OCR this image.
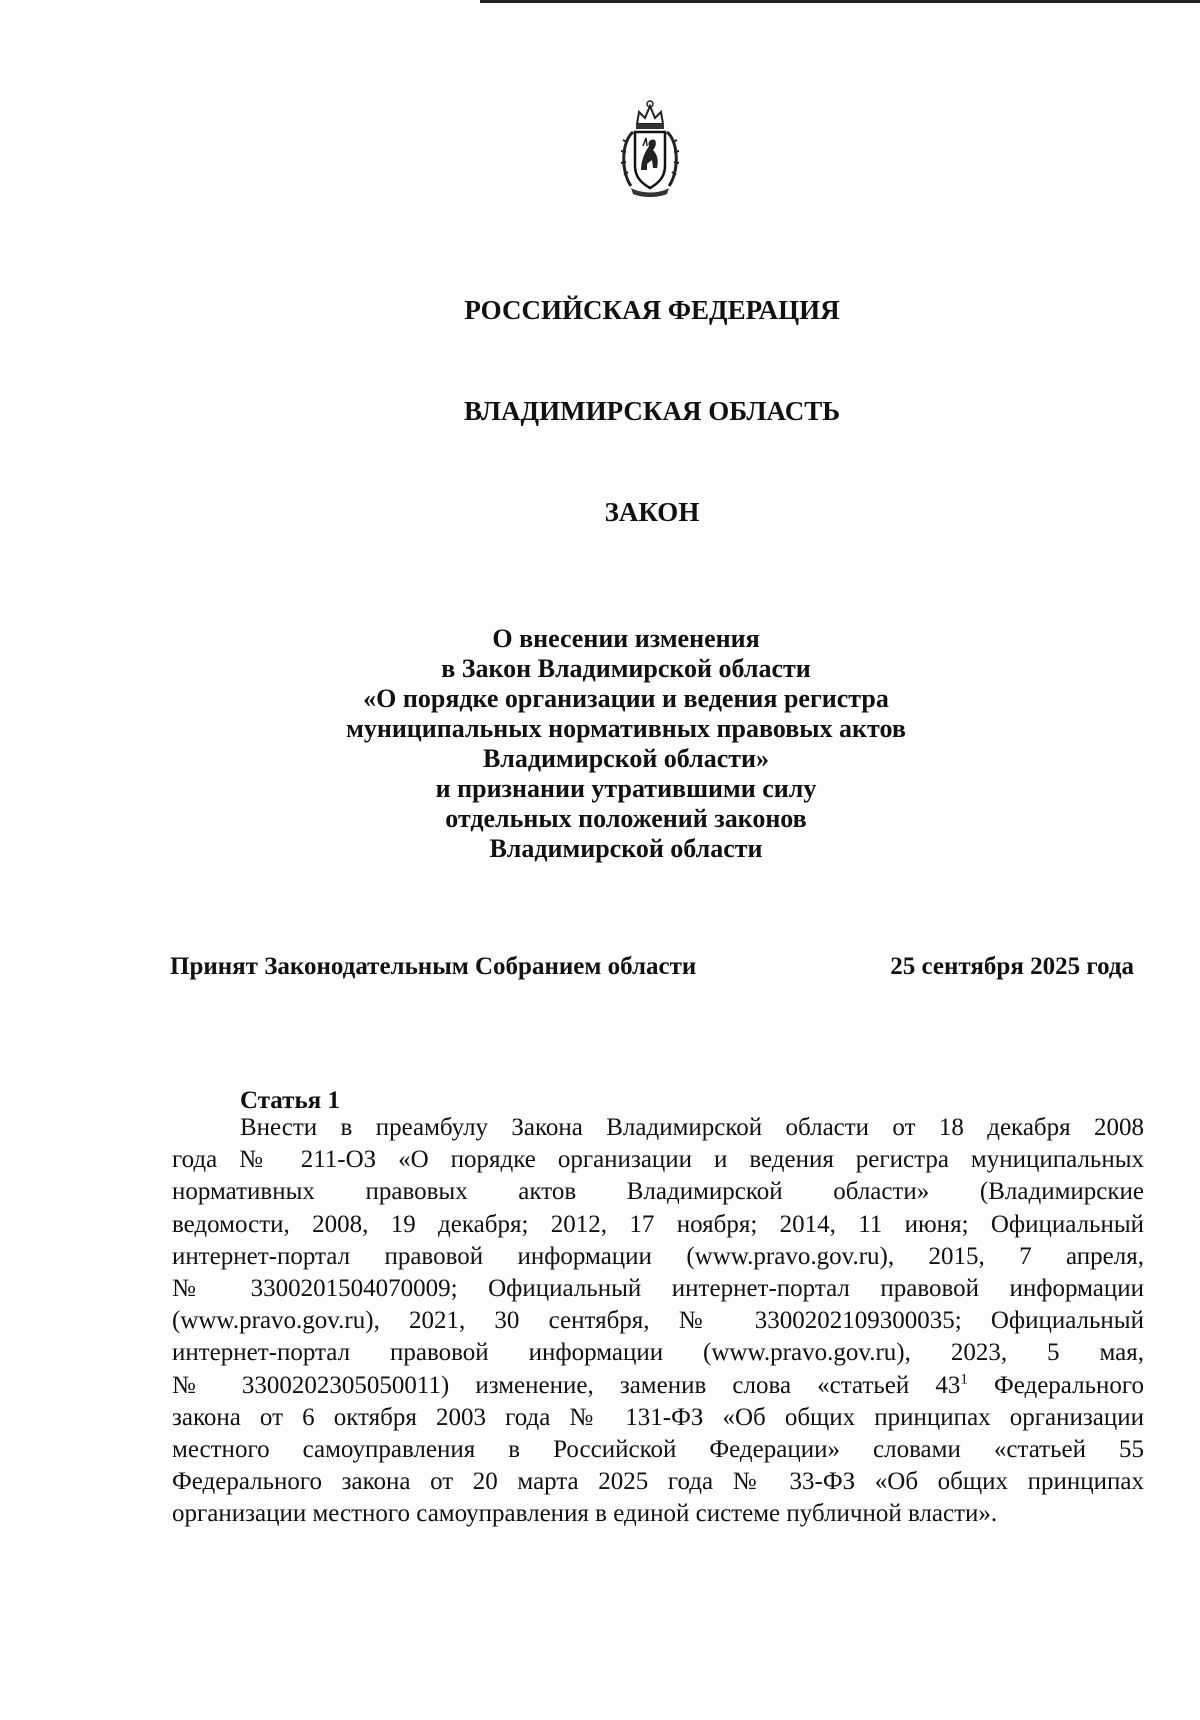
РОССИЙСКАЯ ФЕДЕРАЦИЯ

ВЛАДИМИРСКАЯ ОБЛАСТЬ

ЗАКОН

О внесении изменения
в Закон Владимирской области
«О порядке организации и ведения регистра
муниципальных нормативных правовых актов
Владимирской области»
и признании утратившими силу
отдельных положений законов
Владимирской области
Принят Законодательным Собранием области	25 сентября 2025 года
Статья 1
Внести в преамбулу Закона Владимирской области от 18 декабря 2008
года № 211-ОЗ «О порядке организации и ведения регистра муниципальных
нормативных правовых актов Владимирской области» (Владимирские
ведомости, 2008, 19 декабря; 2012, 17 ноября; 2014, 11 июня; Официальный
интернет-портал правовой информации (www.pravo.gov.ru), 2015, 7 апреля,
№ 3300201504070009; Официальный интернет-портал правовой информации
(www.pravo.gov.ru), 2021, 30 сентября, № 3300202109300035; Официальный
интернет-портал правовой информации (www.pravo.gov.ru), 2023, 5 мая,
№ 3300202305050011) изменение, заменив слова «статьей $43^1$ Федерального
закона от 6 октября 2003 года № 131-ФЗ «Об общих принципах организации
местного самоуправления в Российской Федерации» словами «статьей 55
Федерального закона от 20 марта 2025 года № 33-ФЗ «Об общих принципах
организации местного самоуправления в единой системе публичной власти».
